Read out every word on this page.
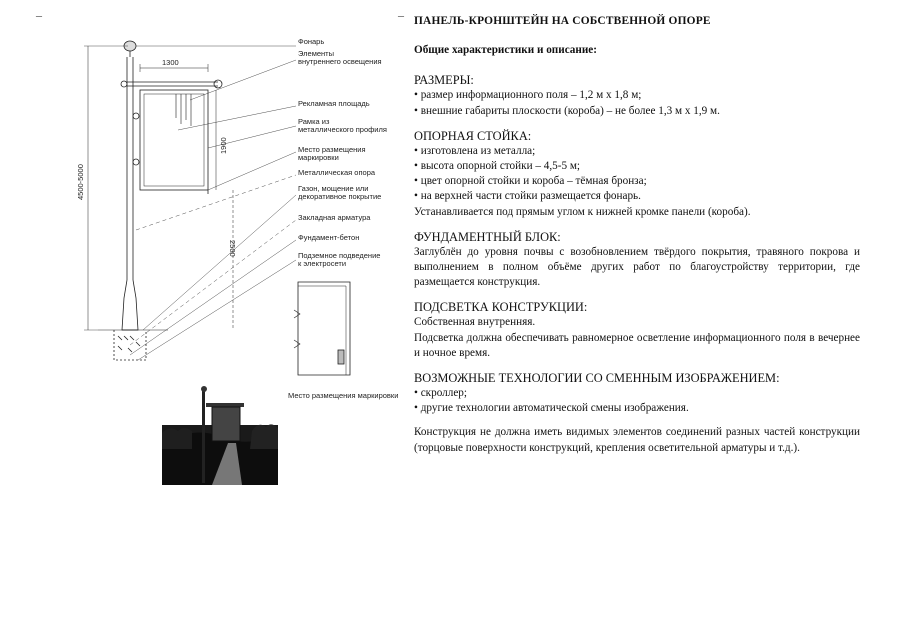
–	–
Фонарь
Элементы
внутреннего освещения
Рекламная площадь
Рамка из
металлического профиля
Место размещения
маркировки
Металлическая опора
Газон, мощение или
декоративное покрытие
Закладная арматура
Фундамент-бетон
Подземное подведение
к электросети
1300
4500-5000
1900
2500
Место размещения маркировки
ПАНЕЛЬ-КРОНШТЕЙН НА СОБСТВЕННОЙ ОПОРЕ
Общие характеристики и описание:
РАЗМЕРЫ:
• размер информационного поля – 1,2 м х 1,8 м;
• внешние габариты плоскости (короба) – не более 1,3 м х 1,9 м.
ОПОРНАЯ СТОЙКА:
• изготовлена из металла;
• высота опорной стойки – 4,5-5 м;
• цвет опорной стойки и короба – тёмная бронза;
• на верхней части стойки размещается фонарь.
Устанавливается под прямым углом к нижней кромке панели (короба).
ФУНДАМЕНТНЫЙ БЛОК:
Заглублён до уровня почвы с возобновлением твёрдого покрытия, травяного покрова и выполнением в полном объёме других работ по благоустройству территории, где размещается конструкция.
ПОДСВЕТКА КОНСТРУКЦИИ:
Собственная внутренняя.
Подсветка должна обеспечивать равномерное осветление информационного поля в вечернее и ночное время.
ВОЗМОЖНЫЕ ТЕХНОЛОГИИ СО СМЕННЫМ ИЗОБРАЖЕНИЕМ:
• скроллер;
• другие технологии автоматической смены изображения.
Конструкция не должна иметь видимых элементов соединений разных частей конструкции (торцовые поверхности конструкций, крепления осветительной арматуры и т.д.).
